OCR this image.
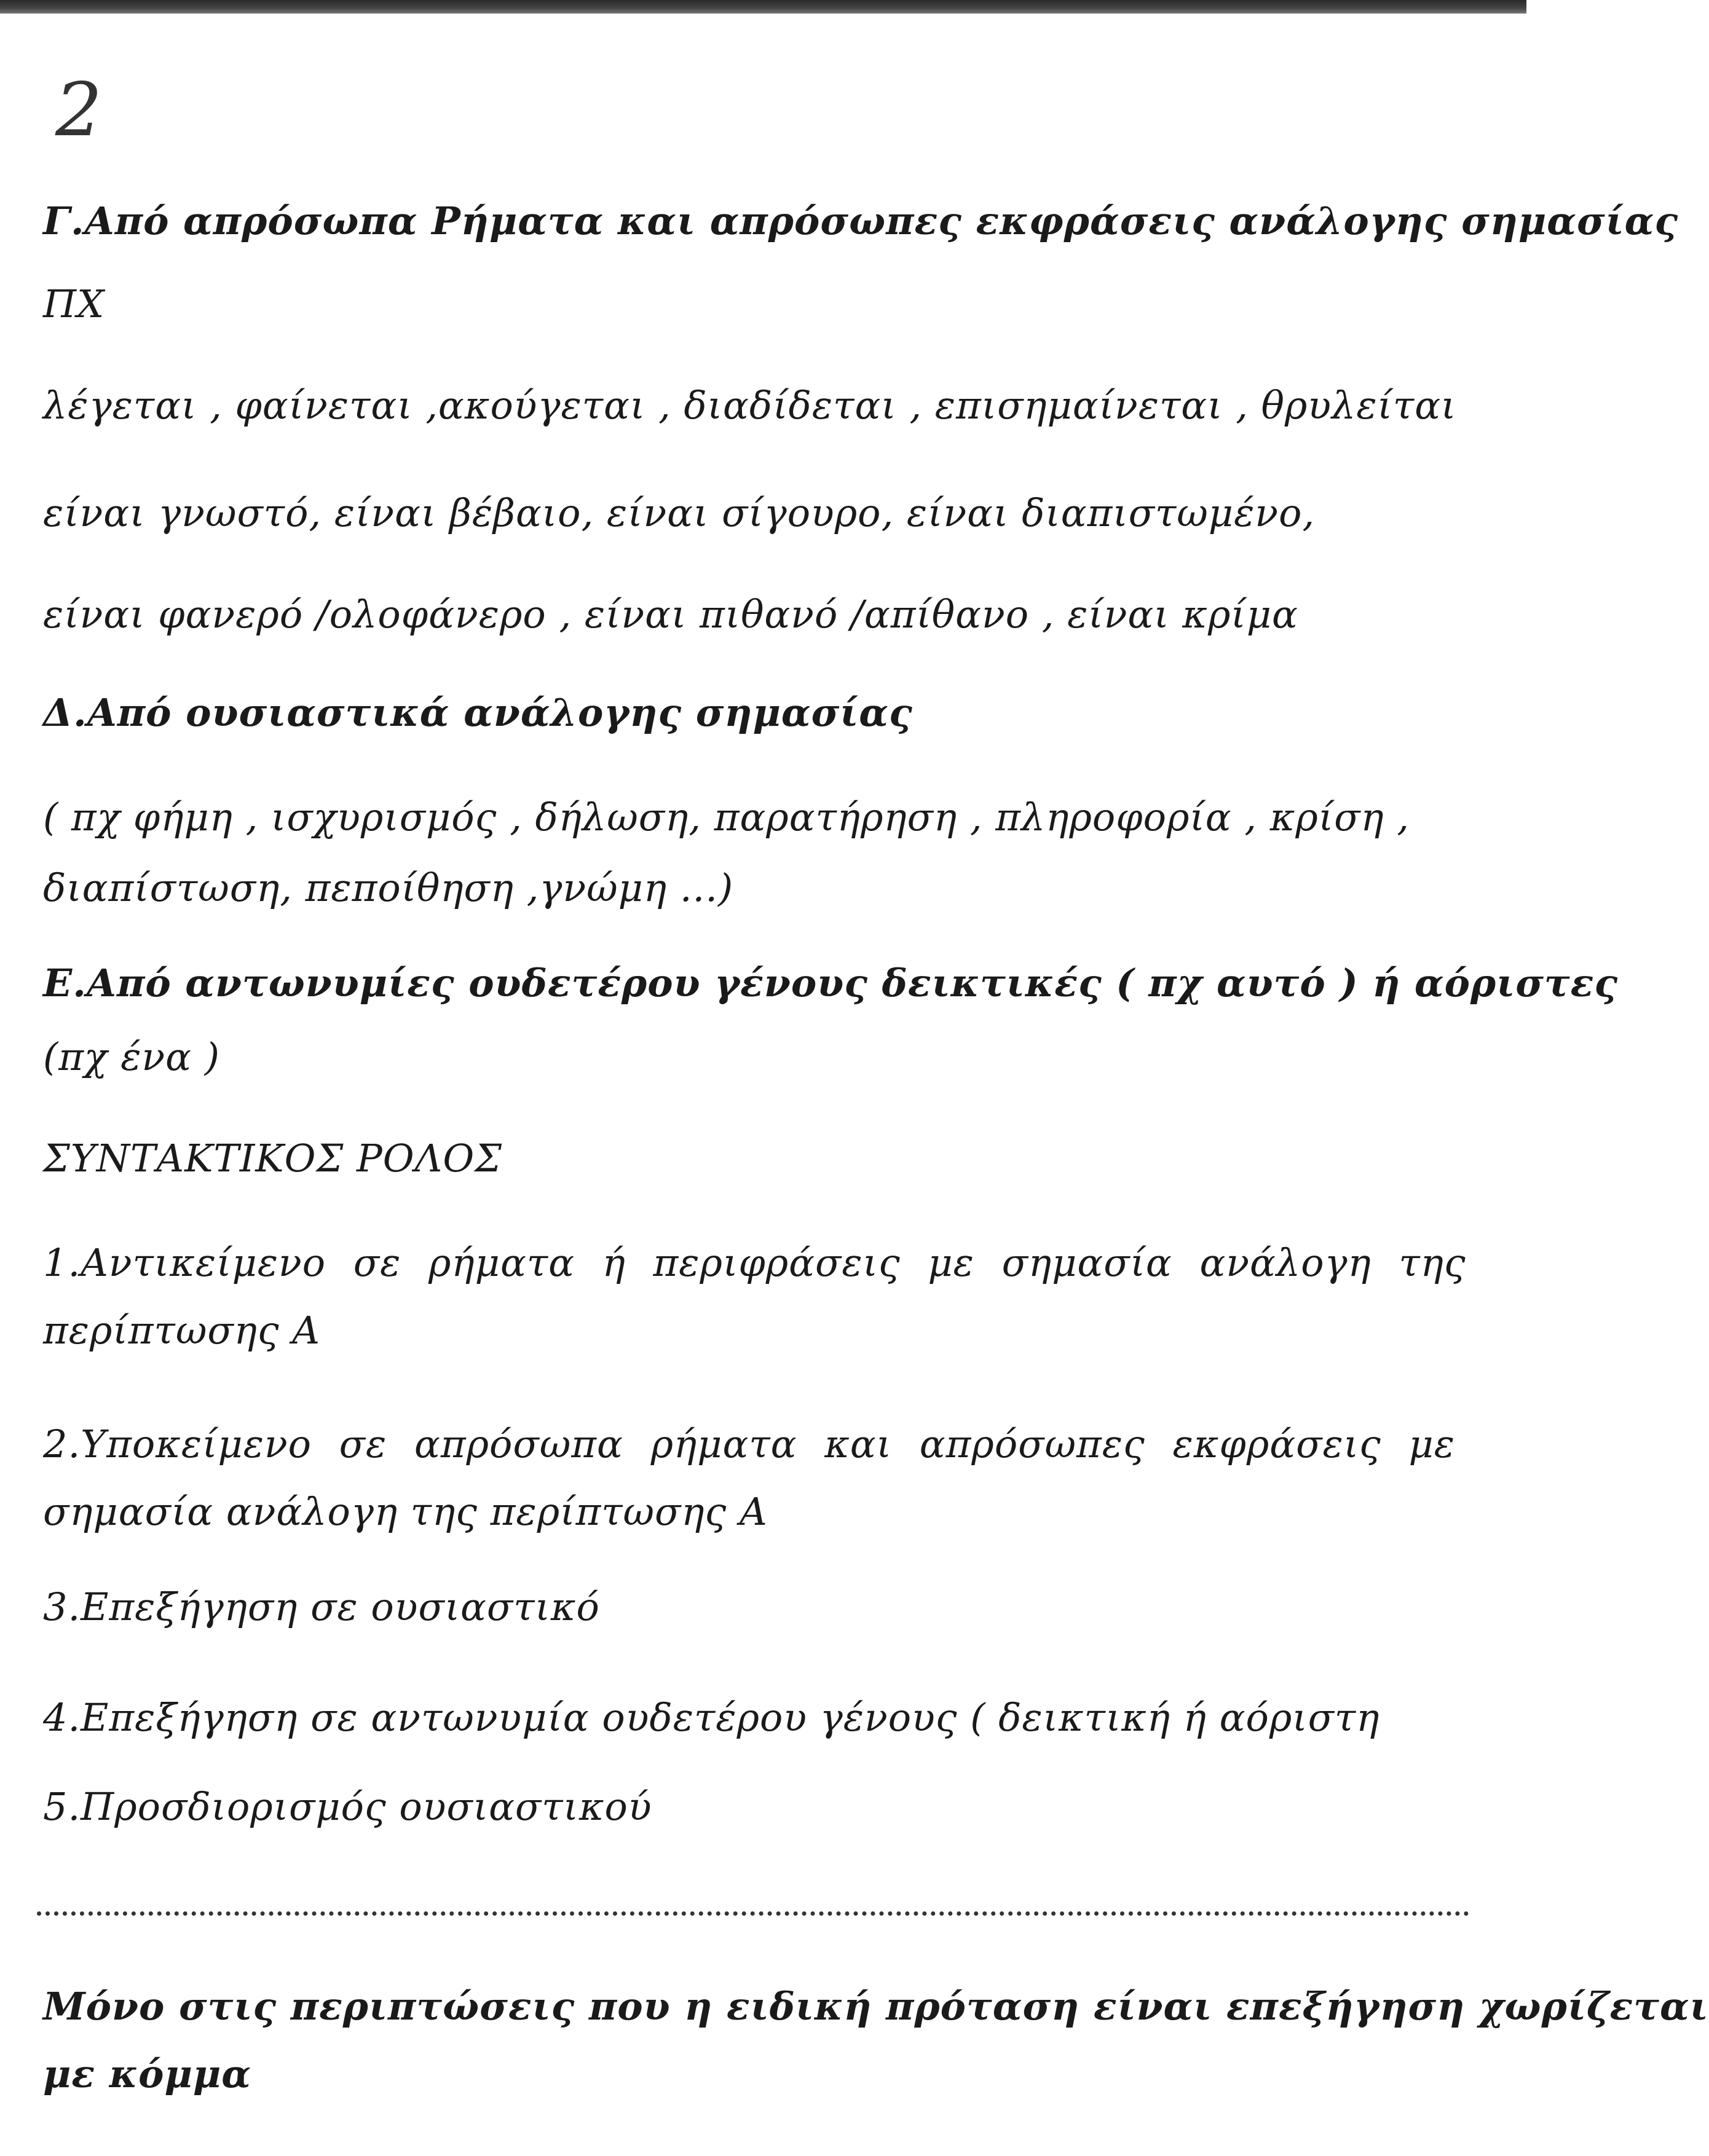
2
Γ.Από απρόσωπα Ρήματα και απρόσωπες εκφράσεις ανάλογης σημασίας
ΠΧ
λέγεται , φαίνεται ,ακούγεται , διαδίδεται , επισημαίνεται , θρυλείται
είναι γνωστό, είναι βέβαιο, είναι σίγουρο, είναι διαπιστωμένο,
είναι φανερό /ολοφάνερο , είναι πιθανό /απίθανο , είναι κρίμα
Δ.Από ουσιαστικά ανάλογης σημασίας
( πχ φήμη , ισχυρισμός , δήλωση, παρατήρηση , πληροφορία , κρίση ,
διαπίστωση, πεποίθηση ,γνώμη ...)
Ε.Από αντωνυμίες ουδετέρου γένους δεικτικές ( πχ αυτό ) ή αόριστες
(πχ ένα )
ΣΥΝΤΑΚΤΙΚΟΣ ΡΟΛΟΣ
1.Αντικείμενο σε ρήματα ή περιφράσεις με σημασία ανάλογη της
περίπτωσης Α
2.Υποκείμενο σε απρόσωπα ρήματα και απρόσωπες εκφράσεις με
σημασία ανάλογη της περίπτωσης Α
3.Επεξήγηση σε ουσιαστικό
4.Επεξήγηση σε αντωνυμία ουδετέρου γένους ( δεικτική ή αόριστη
5.Προσδιορισμός ουσιαστικού
Μόνο στις περιπτώσεις που η ειδική πρόταση είναι επεξήγηση χωρίζεται
με κόμμα
